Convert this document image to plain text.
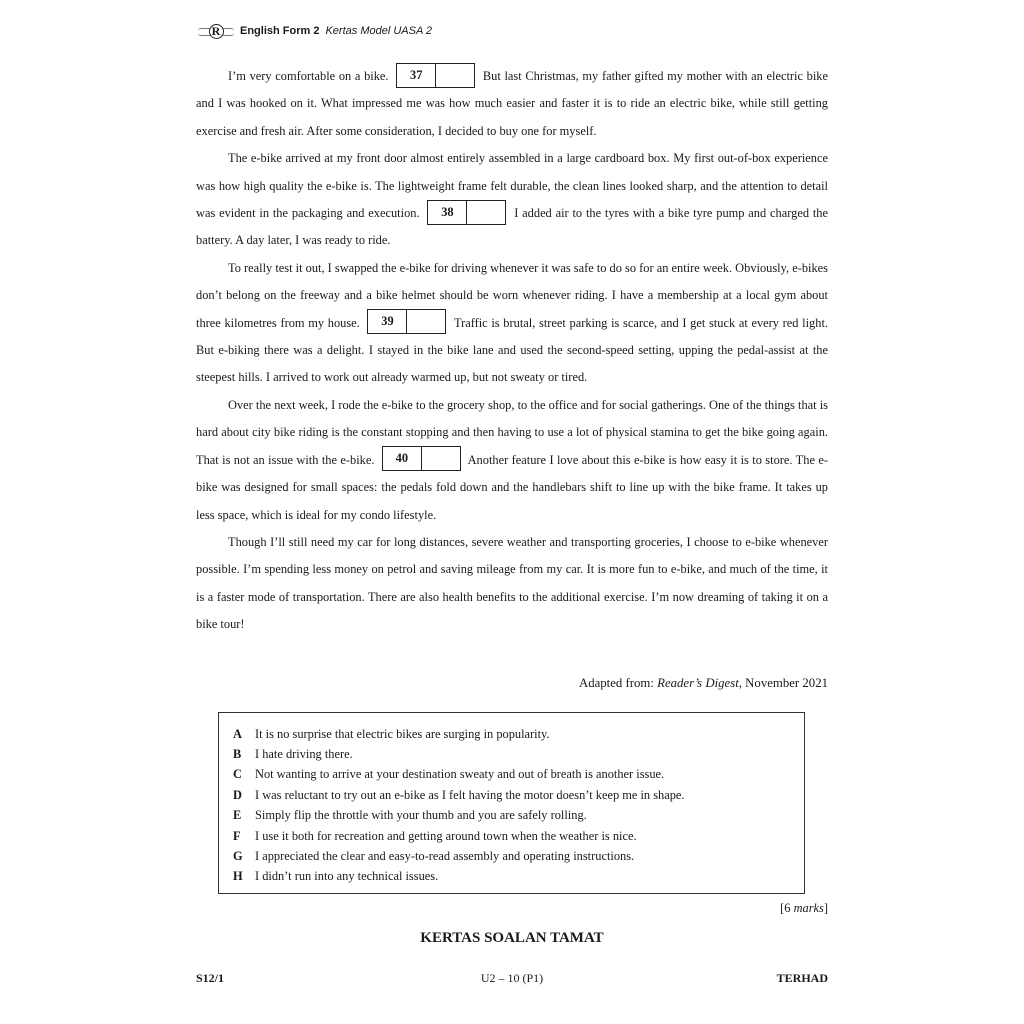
R English Form 2 Kertas Model UASA 2

I’m very comfortable on a bike.	37	But last Christmas, my father gifted my mother with an electric bike and I was hooked on it. What impressed me was how much easier and faster it is to ride an electric bike, while still getting exercise and fresh air. After some consideration, I decided to buy one for myself.

The e-bike arrived at my front door almost entirely assembled in a large cardboard box. My first out-of-box experience was how high quality the e-bike is. The lightweight frame felt durable, the clean lines looked sharp, and the attention to detail was evident in the packaging and execution.	38	I added air to the tyres with a bike tyre pump and charged the battery. A day later, I was ready to ride.

To really test it out, I swapped the e-bike for driving whenever it was safe to do so for an entire week. Obviously, e-bikes don’t belong on the freeway and a bike helmet should be worn whenever riding. I have a membership at a local gym about three kilometres from my house.	39	Traffic is brutal, street parking is scarce, and I get stuck at every red light. But e-biking there was a delight. I stayed in the bike lane and used the second-speed setting, upping the pedal-assist at the steepest hills. I arrived to work out already warmed up, but not sweaty or tired.

Over the next week, I rode the e-bike to the grocery shop, to the office and for social gatherings. One of the things that is hard about city bike riding is the constant stopping and then having to use a lot of physical stamina to get the bike going again. That is not an issue with the e-bike.	40	Another feature I love about this e-bike is how easy it is to store. The e-bike was designed for small spaces: the pedals fold down and the handlebars shift to line up with the bike frame. It takes up less space, which is ideal for my condo lifestyle.

Though I’ll still need my car for long distances, severe weather and transporting groceries, I choose to e-bike whenever possible. I’m spending less money on petrol and saving mileage from my car. It is more fun to e-bike, and much of the time, it is a faster mode of transportation. There are also health benefits to the additional exercise. I’m now dreaming of taking it on a bike tour!

Adapted from: Reader’s Digest, November 2021
A	It is no surprise that electric bikes are surging in popularity.
B	I hate driving there.
C	Not wanting to arrive at your destination sweaty and out of breath is another issue.
D	I was reluctant to try out an e-bike as I felt having the motor doesn’t keep me in shape.
E	Simply flip the throttle with your thumb and you are safely rolling.
F	I use it both for recreation and getting around town when the weather is nice.
G I appreciated the clear and easy-to-read assembly and operating instructions.
H I didn’t run into any technical issues.
[6 marks]
KERTAS SOALAN TAMAT
S12/1	U2 – 10 (P1)	TERHAD
